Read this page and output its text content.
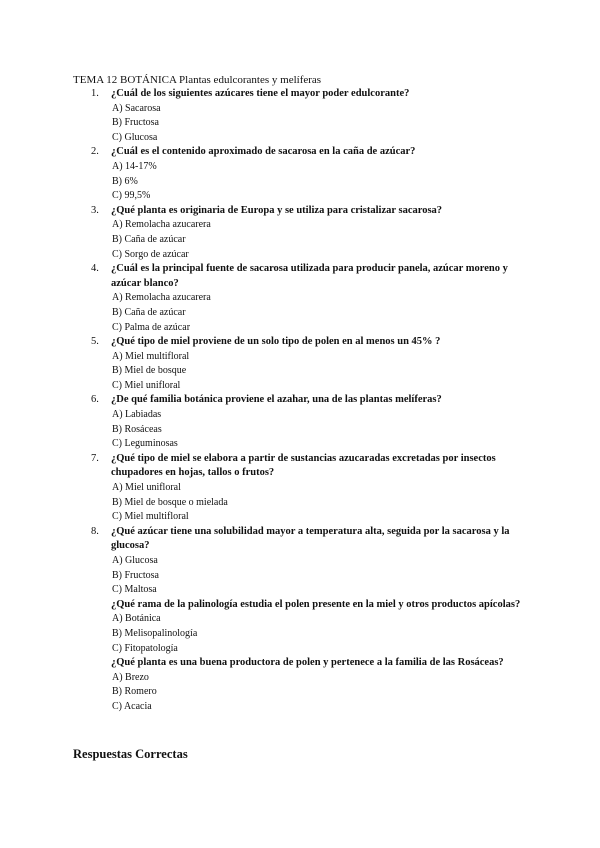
TEMA 12 BOTÁNICA Plantas edulcorantes y melíferas
1. ¿Cuál de los siguientes azúcares tiene el mayor poder edulcorante?
A) Sacarosa
B) Fructosa
C) Glucosa
2. ¿Cuál es el contenido aproximado de sacarosa en la caña de azúcar?
A) 14-17%
B) 6%
C) 99,5%
3. ¿Qué planta es originaria de Europa y se utiliza para cristalizar sacarosa?
A) Remolacha azucarera
B) Caña de azúcar
C) Sorgo de azúcar
4. ¿Cuál es la principal fuente de sacarosa utilizada para producir panela, azúcar moreno y azúcar blanco?
A) Remolacha azucarera
B) Caña de azúcar
C) Palma de azúcar
5. ¿Qué tipo de miel proviene de un solo tipo de polen en al menos un 45% ?
A) Miel multifloral
B) Miel de bosque
C) Miel unifloral
6. ¿De qué familia botánica proviene el azahar, una de las plantas melíferas?
A) Labiadas
B) Rosáceas
C) Leguminosas
7. ¿Qué tipo de miel se elabora a partir de sustancias azucaradas excretadas por insectos chupadores en hojas, tallos o frutos?
A) Miel unifloral
B) Miel de bosque o mielada
C) Miel multifloral
8. ¿Qué azúcar tiene una solubilidad mayor a temperatura alta, seguida por la sacarosa y la glucosa?
A) Glucosa
B) Fructosa
C) Maltosa
¿Qué rama de la palinología estudia el polen presente en la miel y otros productos apícolas?
A) Botánica
B) Melisopalinología
C) Fitopatología
¿Qué planta es una buena productora de polen y pertenece a la familia de las Rosáceas?
A) Brezo
B) Romero
C) Acacia
Respuestas Correctas
